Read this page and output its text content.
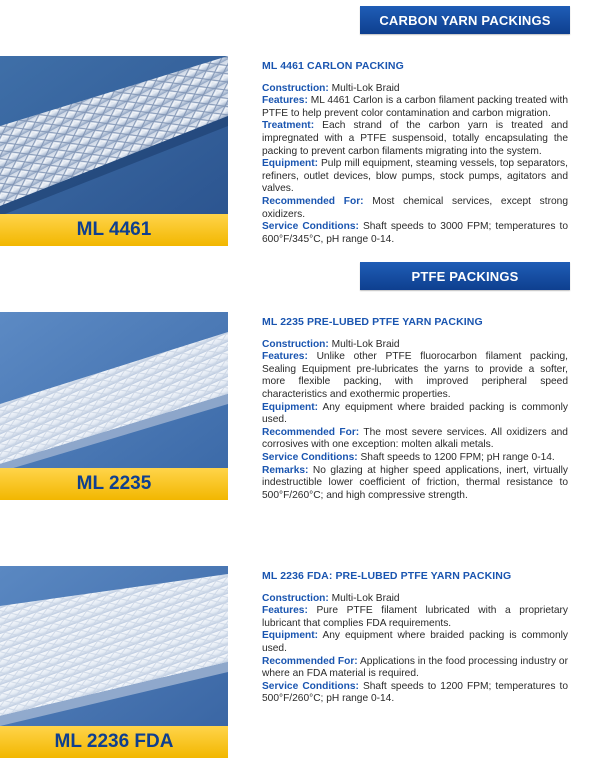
CARBON YARN PACKINGS
PTFE PACKINGS
ML 4461
ML 4461 CARLON PACKING

Construction: Multi-Lok Braid

Features: ML 4461 Carlon is a carbon filament packing treated with PTFE to help prevent color contamination and carbon migration.

Treatment: Each strand of the carbon yarn is treated and impregnated with a PTFE suspensoid, totally encapsulating the packing to prevent carbon filaments migrating into the system.

Equipment: Pulp mill equipment, steaming vessels, top separators, refiners, outlet devices, blow pumps, stock pumps, agitators and valves.

Recommended For: Most chemical services, except strong oxidizers.

Service Conditions: Shaft speeds to 3000 FPM; temperatures to 600°F/345°C, pH range 0-14.

ML 2235
ML 2235 PRE-LUBED PTFE YARN PACKING

Construction: Multi-Lok Braid

Features: Unlike other PTFE fluorocarbon filament packing, Sealing Equipment pre-lubricates the yarns to provide a softer, more flexible packing, with improved peripheral speed characteristics and exothermic properties.

Equipment: Any equipment where braided packing is commonly used.

Recommended For: The most severe services. All oxidizers and corrosives with one exception: molten alkali metals.

Service Conditions: Shaft speeds to 1200 FPM; pH range 0-14.

Remarks: No glazing at higher speed applications, inert, virtually indestructible lower coefficient of friction, thermal resistance to 500°F/260°C; and high compressive strength.

ML 2236 FDA
ML 2236 FDA: PRE-LUBED PTFE YARN PACKING

Construction: Multi-Lok Braid

Features: Pure PTFE filament lubricated with a proprietary lubricant that complies FDA requirements.

Equipment: Any equipment where braided packing is commonly used.

Recommended For: Applications in the food processing industry or where an FDA material is required.

Service Conditions: Shaft speeds to 1200 FPM; temperatures to 500°F/260°C; pH range 0-14.
